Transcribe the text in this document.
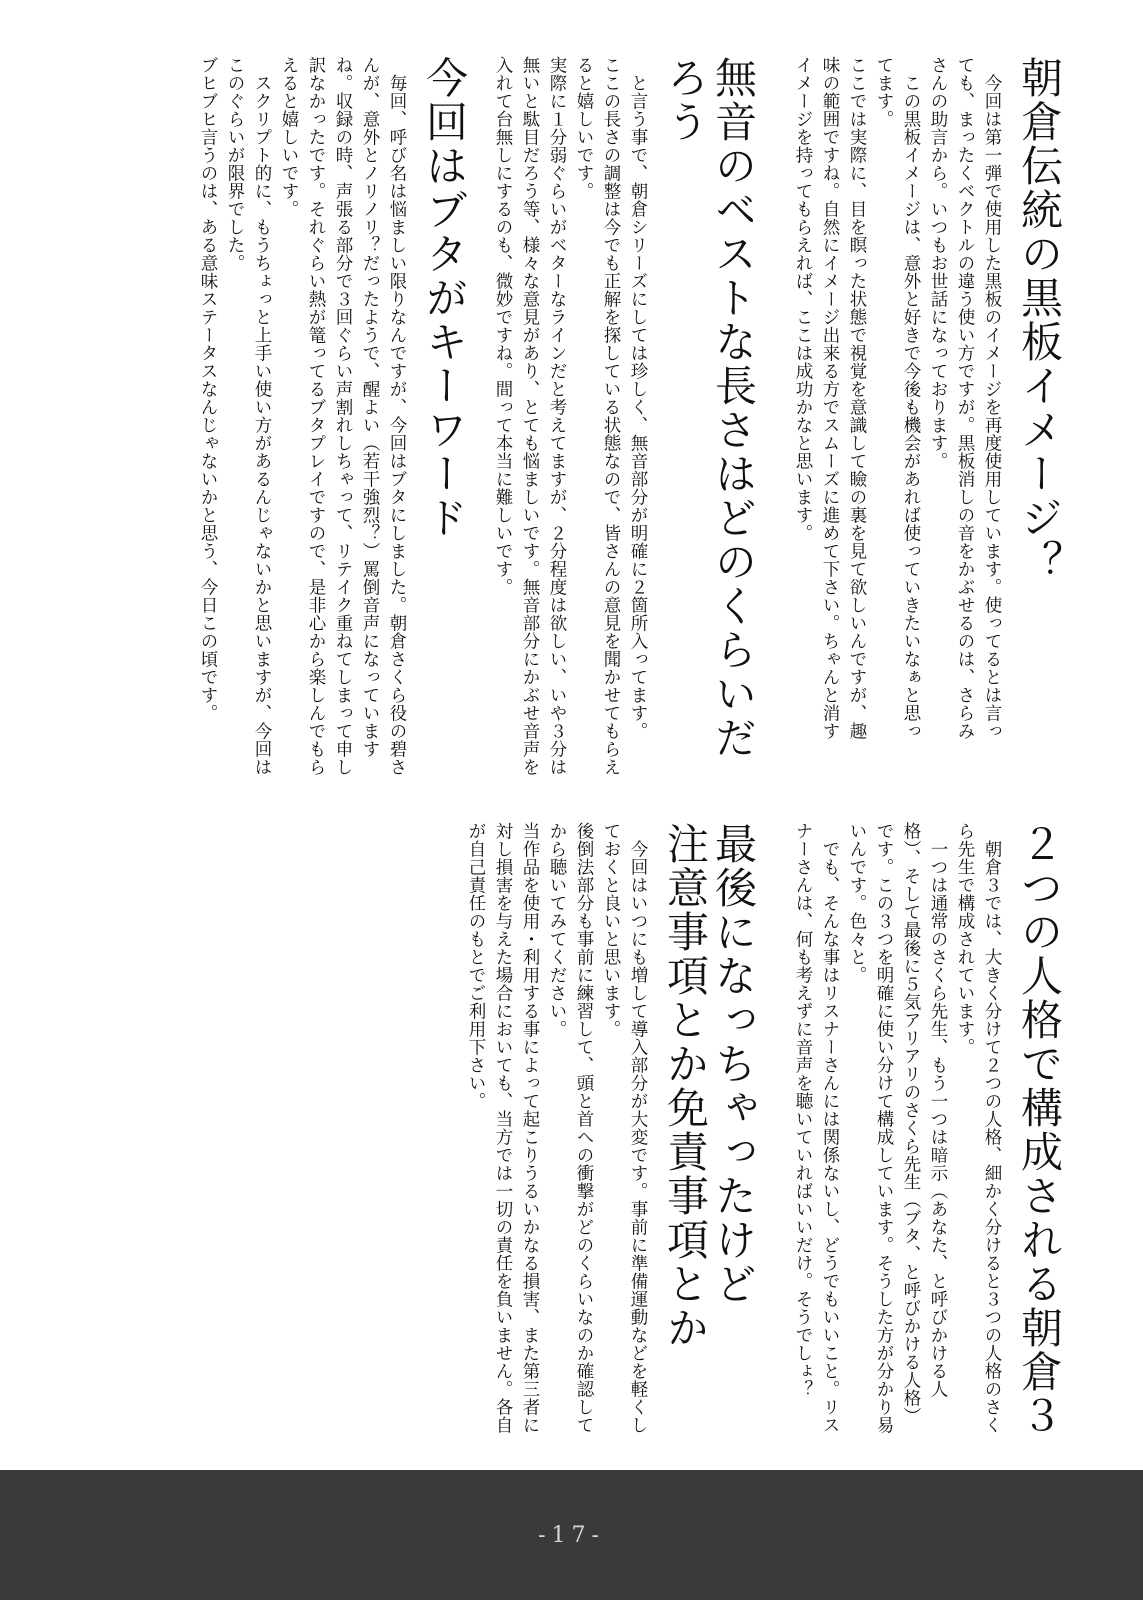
朝倉伝統の黒板イメージ？

今回は第一弾で使用した黒板のイメージを再度使用しています。使ってるとは言っても、まったくベクトルの違う使い方ですが。黒板消しの音をかぶせるのは、さらみさんの助言から。いつもお世話になっております。

この黒板イメージは、意外と好きで今後も機会があれば使っていきたいなぁと思ってます。

ここでは実際に、目を瞑った状態で視覚を意識して瞼の裏を見て欲しいんですが、趣味の範囲ですね。自然にイメージ出来る方でスムーズに進めて下さい。ちゃんと消すイメージを持ってもらえれば、ここは成功かなと思います。

無音のベストな長さはどのくらいだろう

と言う事で、朝倉シリーズにしては珍しく、無音部分が明確に２箇所入ってます。

ここの長さの調整は今でも正解を探している状態なので、皆さんの意見を聞かせてもらえると嬉しいです。

実際に１分弱ぐらいがベターなラインだと考えてますが、２分程度は欲しい、いや３分は無いと駄目だろう等、様々な意見があり、とても悩ましいです。無音部分にかぶせ音声を入れて台無しにするのも、微妙ですね。間って本当に難しいです。

今回はブタがキーワード

毎回、呼び名は悩ましい限りなんですが、今回はブタにしました。朝倉さくら役の碧さんが、意外とノリノリ？だったようで、醒よい（若干強烈？）罵倒音声になっていますね。収録の時、声張る部分で３回ぐらい声割れしちゃって、リテイク重ねてしまって申し訳なかったです。それぐらい熱が篭ってるブタプレイですので、是非心から楽しんでもらえると嬉しいです。

スクリプト的に、もうちょっと上手い使い方があるんじゃないかと思いますが、今回はこのぐらいが限界でした。

ブヒブヒ言うのは、ある意味ステータスなんじゃないかと思う、今日この頃です。

２つの人格で構成される朝倉３

朝倉３では、大きく分けて２つの人格、細かく分けると３つの人格のさくら先生で構成されています。

一つは通常のさくら先生、もう一つは暗示（あなた、と呼びかける人格）、そして最後に５気アリアリのさくら先生（ブタ、と呼びかける人格）です。この３つを明確に使い分けて構成しています。そうした方が分かり易いんです。色々と。

でも、そんな事はリスナーさんには関係ないし、どうでもいいこと。リスナーさんは、何も考えずに音声を聴いていればいいだけ。そうでしょ？

最後になっちゃったけど
注意事項とか免責事項とか

今回はいつにも増して導入部分が大変です。事前に準備運動などを軽くしておくと良いと思います。

後倒法部分も事前に練習して、頭と首への衝撃がどのくらいなのか確認してから聴いてみてください。

当作品を使用・利用する事によって起こりうるいかなる損害、また第三者に対し損害を与えた場合においても、当方では一切の責任を負いません。各自が自己責任のもとでご利用下さい。

-17-
